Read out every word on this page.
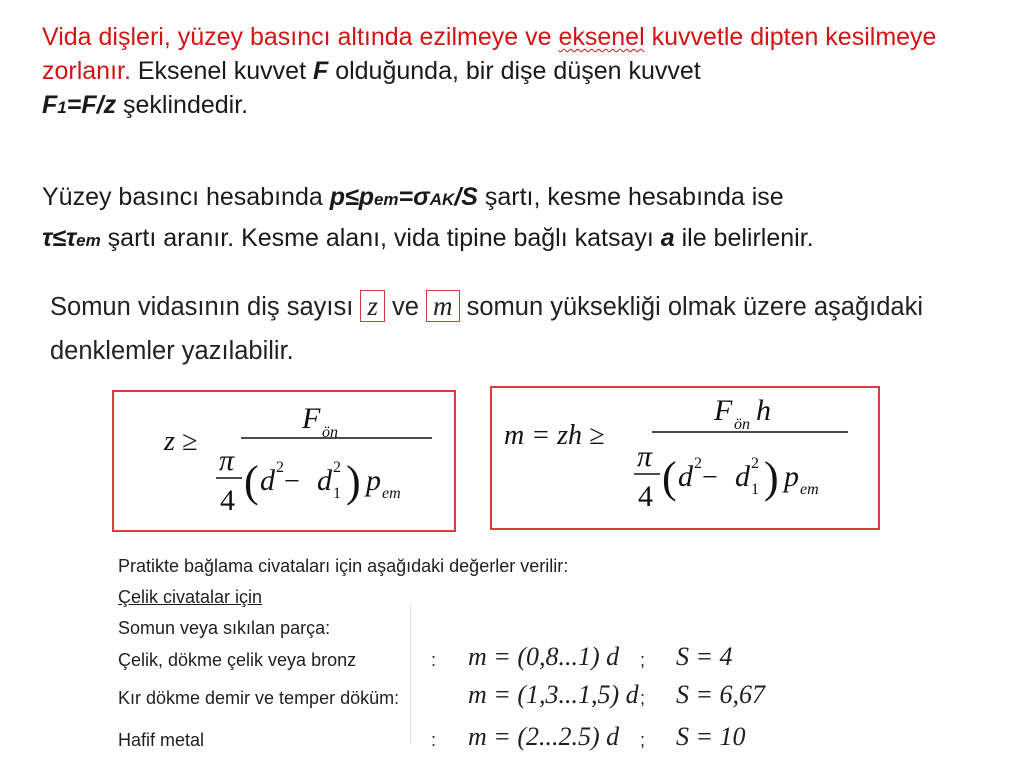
Vida dişleri, yüzey basıncı altında ezilmeye ve eksenel kuvvetle dipten kesilmeye zorlanır. Eksenel kuvvet F olduğunda, bir dişe düşen kuvvet
F1=F/z şeklindedir.
Yüzey basıncı hesabında p≤pem=σAK/S şartı, kesme hesabında ise
τ≤τem şartı aranır. Kesme alanı, vida tipine bağlı katsayı a ile belirlenir.
Somun vidasının diş sayısı z ve m somun yüksekliği olmak üzere aşağıdaki denklemler yazılabilir.
z ≥
F ön
π
4 ( d 2 − d 2
1 ) p em
m = zh ≥
F ön h
π
4 ( d 2 − d 2
1 ) p em
Pratikte bağlama civataları için aşağıdaki değerler verilir:
Çelik civatalar için
Somun veya sıkılan parça:
Çelik, dökme çelik veya bronz	: m = (0,8...1) d ; S = 4
Kır dökme demir ve temper döküm:	m = (1,3...1,5) d ; S = 6,67
Hafif metal	: m = (2...2.5) d ; S = 10
